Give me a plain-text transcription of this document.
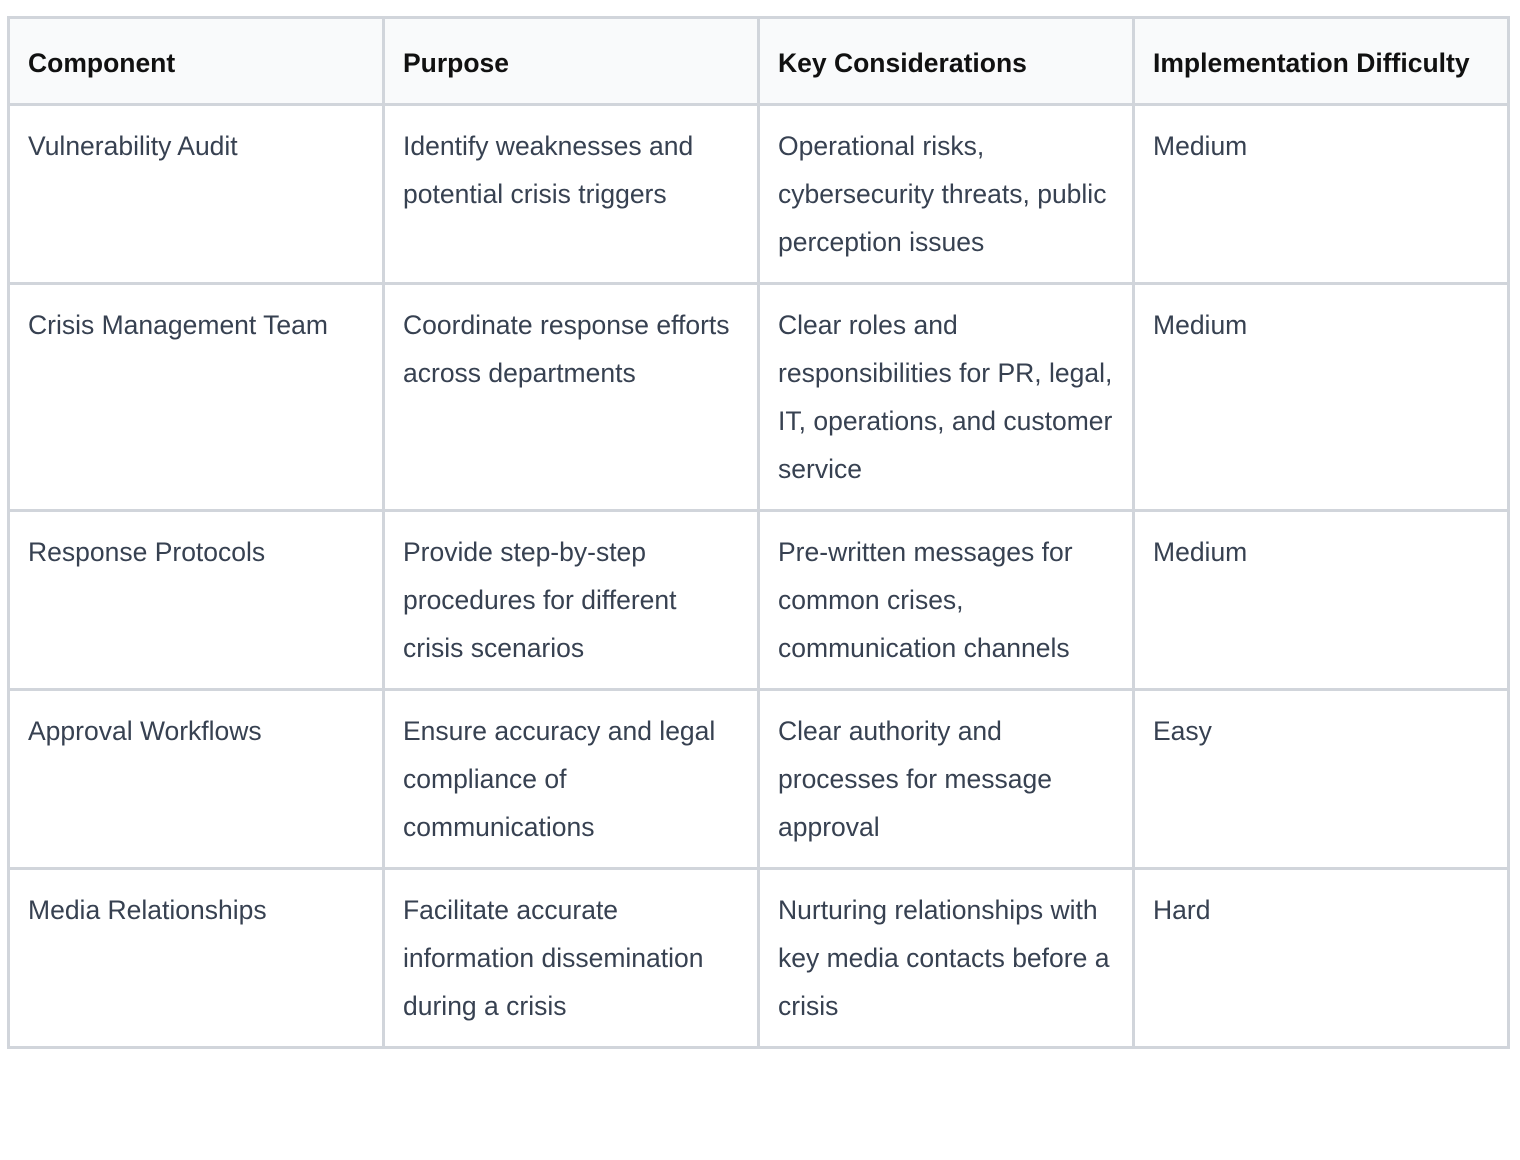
Component	Purpose	Key Considerations	Implementation Difficulty
Vulnerability Audit	Identify weaknesses and potential crisis triggers	Operational risks, cybersecurity threats, public perception issues	Medium
Crisis Management Team	Coordinate response efforts across departments	Clear roles and responsibilities for PR, legal, IT, operations, and customer service	Medium
Response Protocols	Provide step-by-step procedures for different crisis scenarios	Pre-written messages for common crises, communication channels	Medium
Approval Workflows	Ensure accuracy and legal compliance of communications	Clear authority and processes for message approval	Easy
Media Relationships	Facilitate accurate information dissemination during a crisis	Nurturing relationships with key media contacts before a crisis	Hard
